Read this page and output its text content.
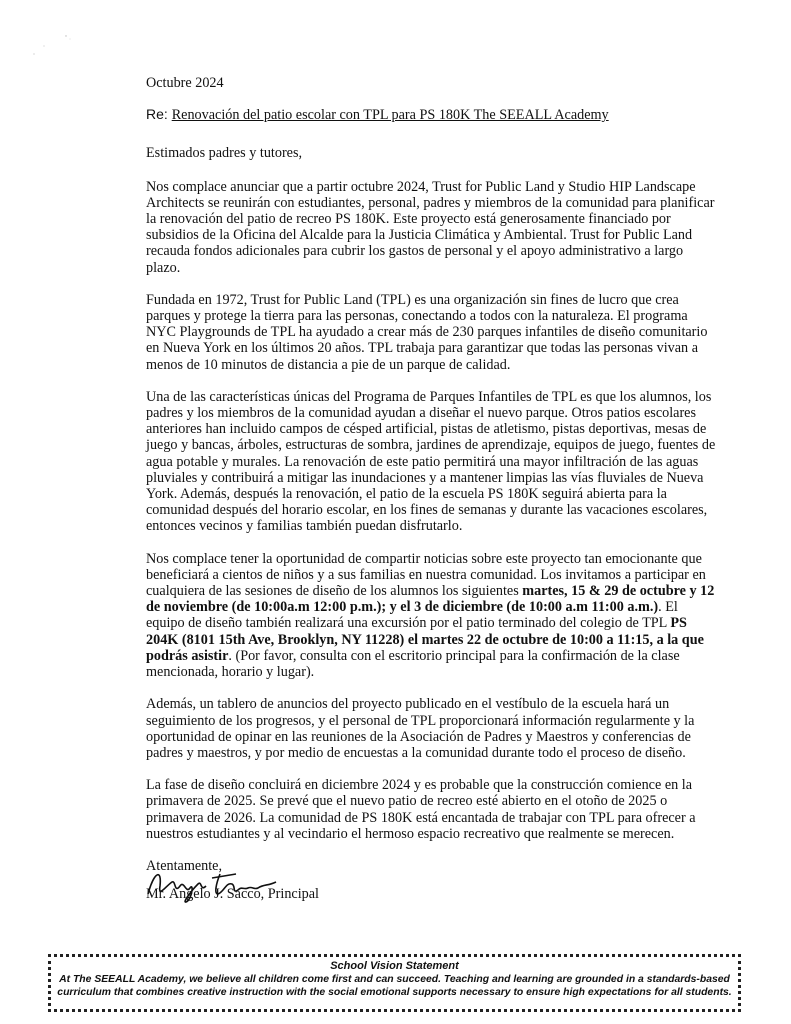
Octubre 2024

Re: Renovación del patio escolar con TPL para PS 180K The SEEALL Academy

Estimados padres y tutores,

Nos complace anunciar que a partir octubre 2024, Trust for Public Land y Studio HIP Landscape Architects se reunirán con estudiantes, personal, padres y miembros de la comunidad para planificar la renovación del patio de recreo PS 180K. Este proyecto está generosamente financiado por subsidios de la Oficina del Alcalde para la Justicia Climática y Ambiental. Trust for Public Land recauda fondos adicionales para cubrir los gastos de personal y el apoyo administrativo a largo plazo.

Fundada en 1972, Trust for Public Land (TPL) es una organización sin fines de lucro que crea parques y protege la tierra para las personas, conectando a todos con la naturaleza. El programa NYC Playgrounds de TPL ha ayudado a crear más de 230 parques infantiles de diseño comunitario en Nueva York en los últimos 20 años. TPL trabaja para garantizar que todas las personas vivan a menos de 10 minutos de distancia a pie de un parque de calidad.

Una de las características únicas del Programa de Parques Infantiles de TPL es que los alumnos, los padres y los miembros de la comunidad ayudan a diseñar el nuevo parque. Otros patios escolares anteriores han incluido campos de césped artificial, pistas de atletismo, pistas deportivas, mesas de juego y bancas, árboles, estructuras de sombra, jardines de aprendizaje, equipos de juego, fuentes de agua potable y murales. La renovación de este patio permitirá una mayor infiltración de las aguas pluviales y contribuirá a mitigar las inundaciones y a mantener limpias las vías fluviales de Nueva York. Además, después la renovación, el patio de la escuela PS 180K seguirá abierta para la comunidad después del horario escolar, en los fines de semanas y durante las vacaciones escolares, entonces vecinos y familias también puedan disfrutarlo.

Nos complace tener la oportunidad de compartir noticias sobre este proyecto tan emocionante que beneficiará a cientos de niños y a sus familias en nuestra comunidad. Los invitamos a participar en cualquiera de las sesiones de diseño de los alumnos los siguientes martes, 15 & 29 de octubre y 12 de noviembre (de 10:00a.m 12:00 p.m.); y el 3 de diciembre (de 10:00 a.m 11:00 a.m.). El equipo de diseño también realizará una excursión por el patio terminado del colegio de TPL PS 204K (8101 15th Ave, Brooklyn, NY 11228) el martes 22 de octubre de 10:00 a 11:15, a la que podrás asistir. (Por favor, consulta con el escritorio principal para la confirmación de la clase mencionada, horario y lugar).

Además, un tablero de anuncios del proyecto publicado en el vestíbulo de la escuela hará un seguimiento de los progresos, y el personal de TPL proporcionará información regularmente y la oportunidad de opinar en las reuniones de la Asociación de Padres y Maestros y conferencias de padres y maestros, y por medio de encuestas a la comunidad durante todo el proceso de diseño.

La fase de diseño concluirá en diciembre 2024 y es probable que la construcción comience en la primavera de 2025. Se prevé que el nuevo patio de recreo esté abierto en el otoño de 2025 o primavera de 2026. La comunidad de PS 180K está encantada de trabajar con TPL para ofrecer a nuestros estudiantes y al vecindario el hermoso espacio recreativo que realmente se merecen.

Atentamente,
Mr. Angelo J. Sacco, Principal
School Vision Statement
At The SEEALL Academy, we believe all children come first and can succeed. Teaching and learning are grounded in a standards-based curriculum that combines creative instruction with the social emotional supports necessary to ensure high expectations for all students.
